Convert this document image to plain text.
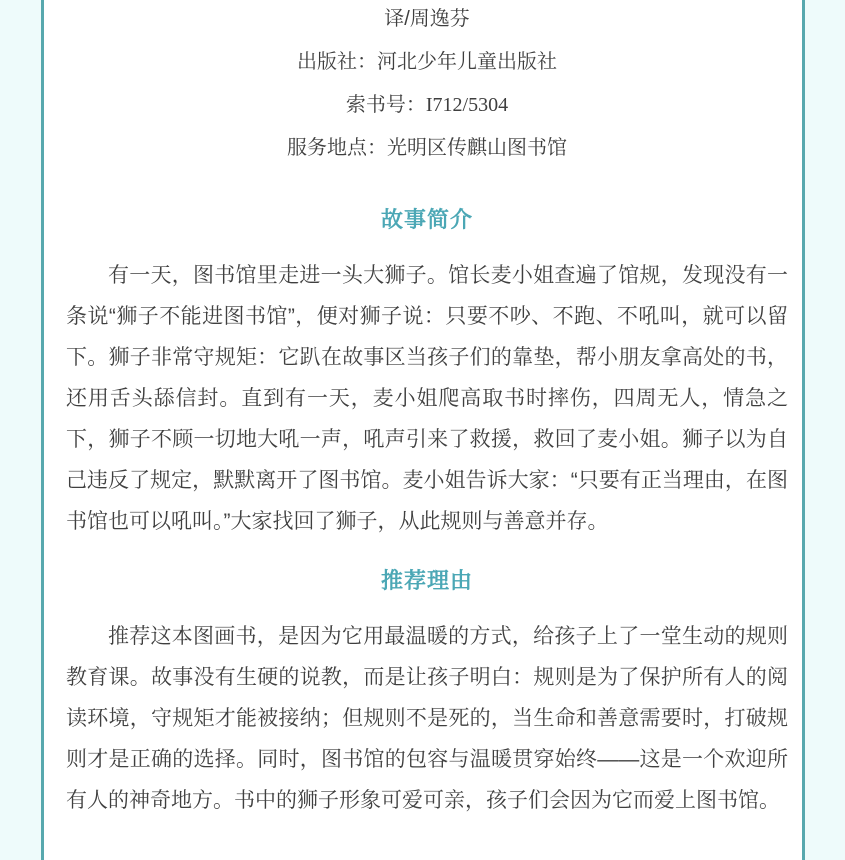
译/周逸芬

出版社：河北少年儿童出版社

索书号：I712/5304

服务地点：光明区传麒山图书馆

故事简介

有一天，图书馆里走进一头大狮子。馆长麦小姐查遍了馆规，发现没有一条说“狮子不能进图书馆”，便对狮子说：只要不吵、不跑、不吼叫，就可以留下。狮子非常守规矩：它趴在故事区当孩子们的靠垫，帮小朋友拿高处的书，还用舌头舔信封。直到有一天，麦小姐爬高取书时摔伤，四周无人，情急之下，狮子不顾一切地大吼一声，吼声引来了救援，救回了麦小姐。狮子以为自己违反了规定，默默离开了图书馆。麦小姐告诉大家：“只要有正当理由，在图书馆也可以吼叫。”大家找回了狮子，从此规则与善意并存。

推荐理由

推荐这本图画书，是因为它用最温暖的方式，给孩子上了一堂生动的规则教育课。故事没有生硬的说教，而是让孩子明白：规则是为了保护所有人的阅读环境，守规矩才能被接纳；但规则不是死的，当生命和善意需要时，打破规则才是正确的选择。同时，图书馆的包容与温暖贯穿始终——这是一个欢迎所有人的神奇地方。书中的狮子形象可爱可亲，孩子们会因为它而爱上图书馆。
